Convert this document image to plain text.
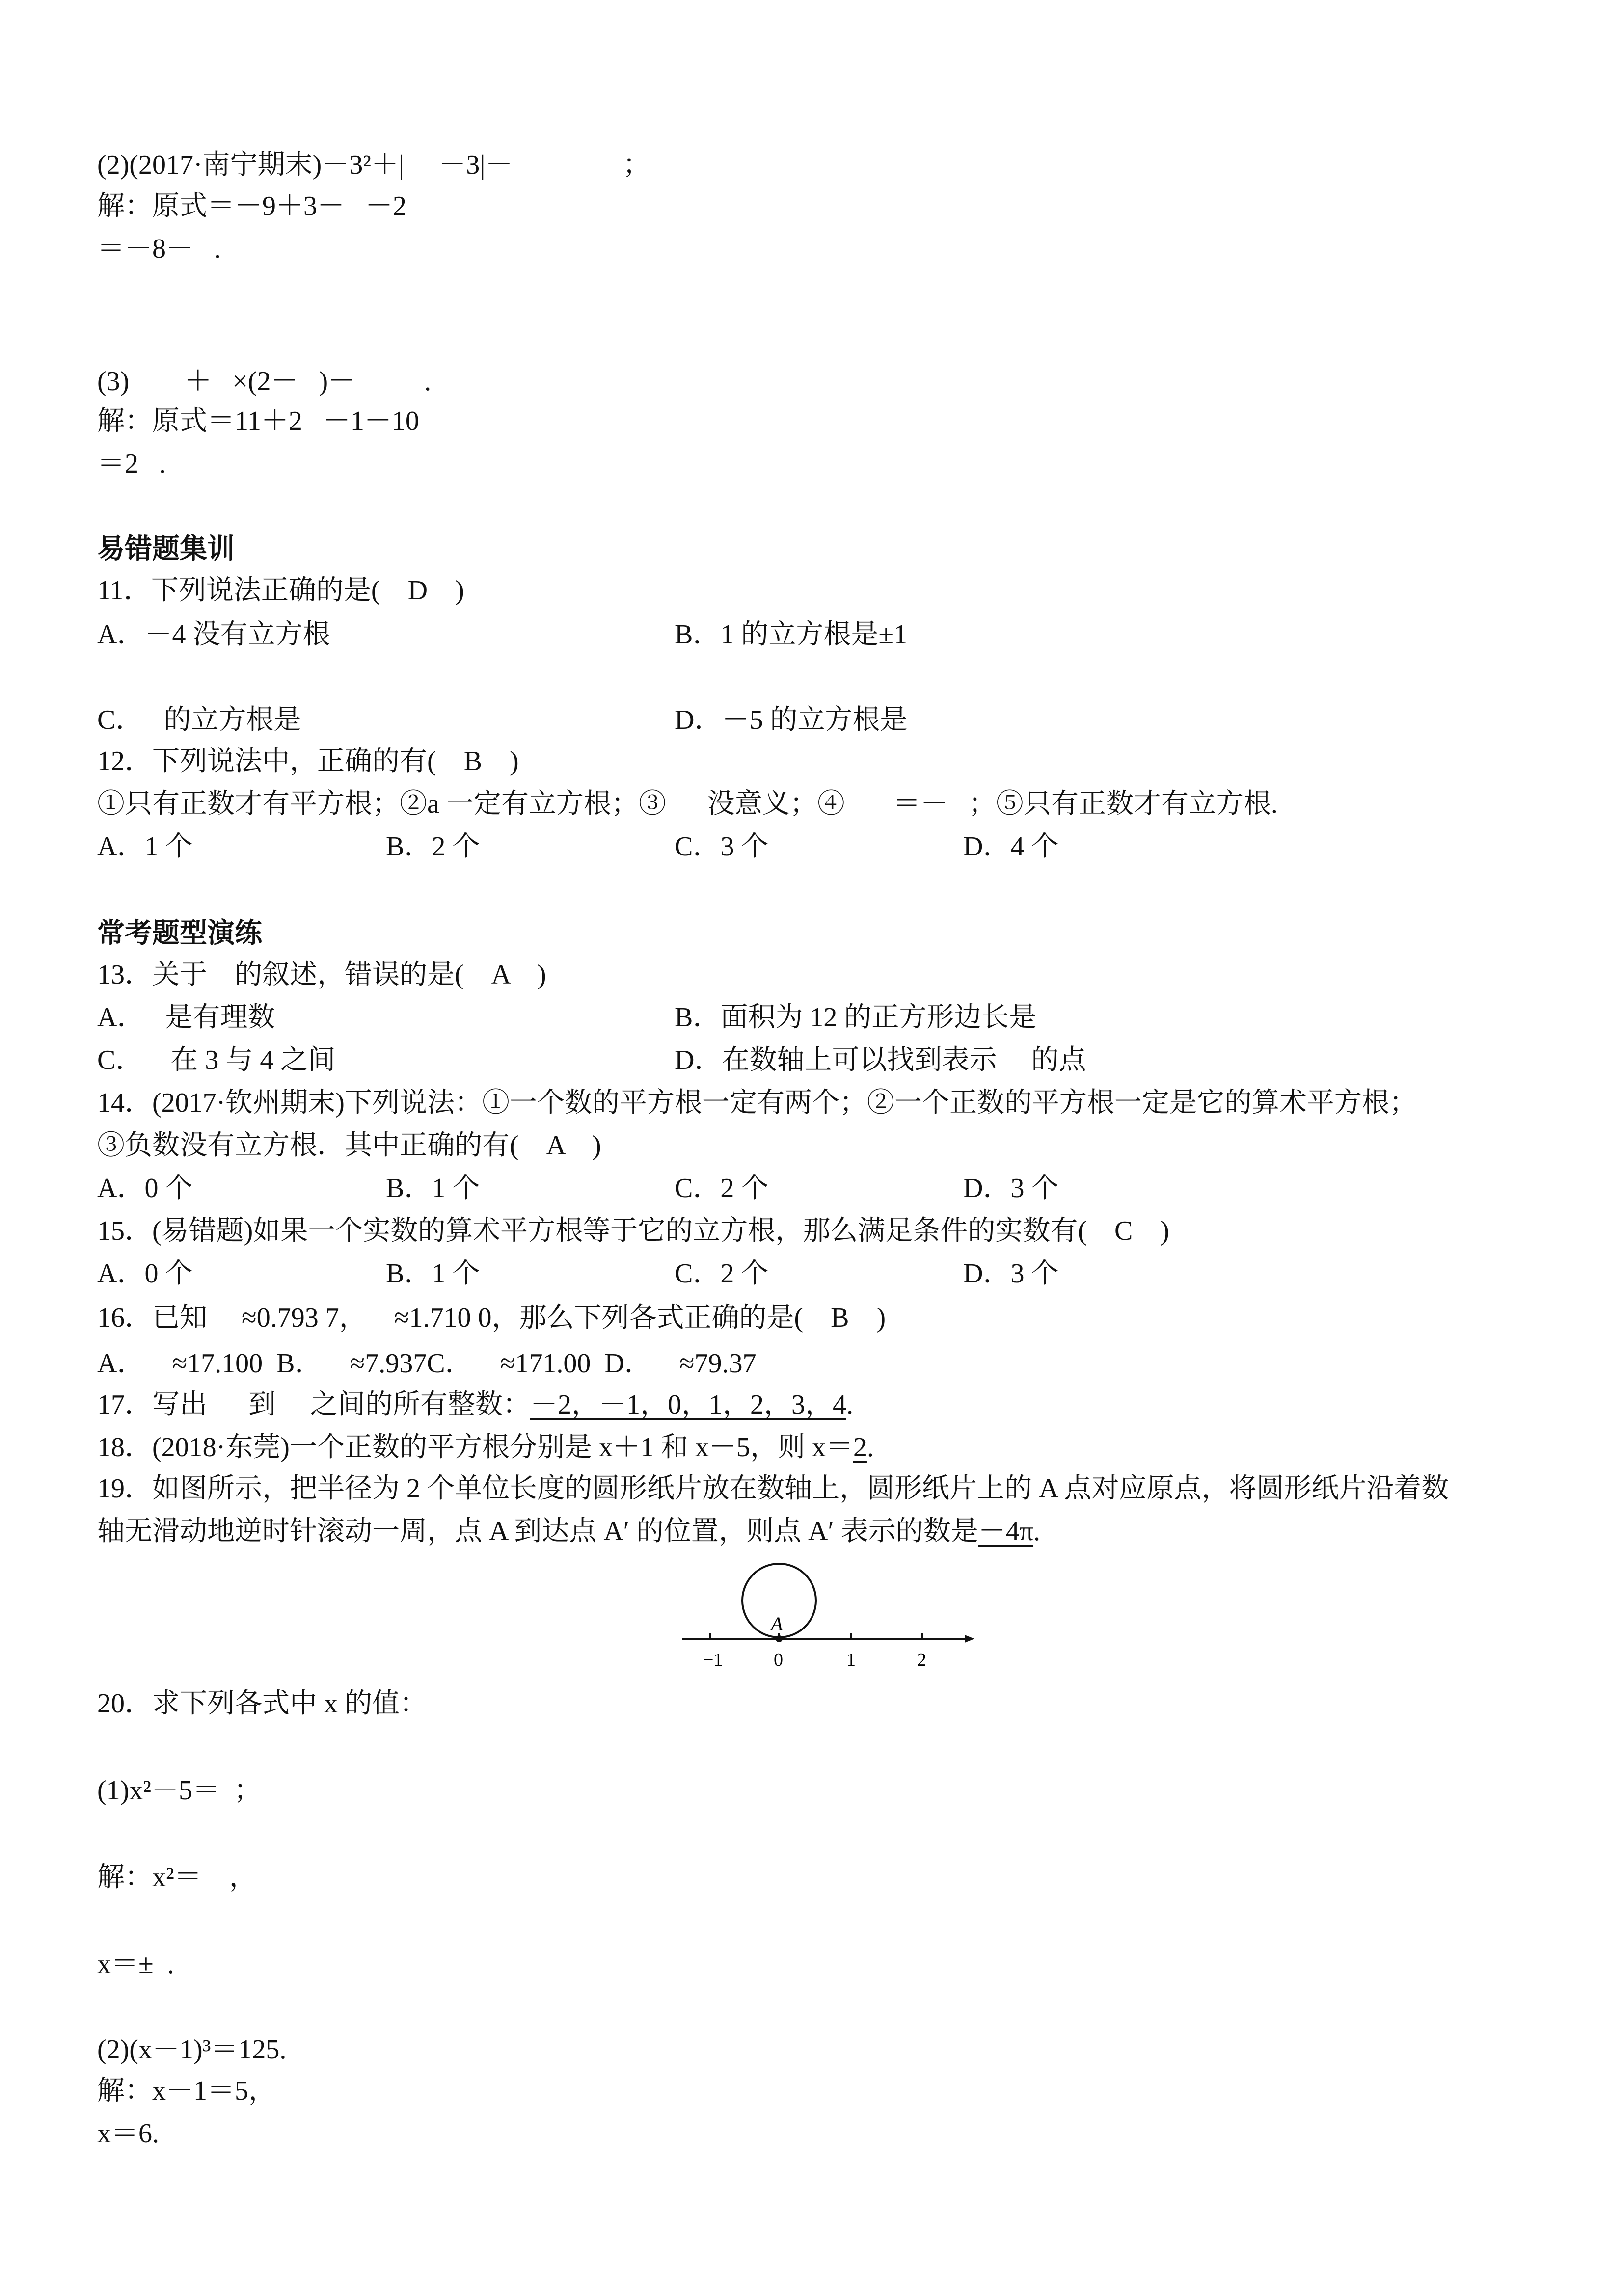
(2)(2017·南宁期末)－3²＋|     －3|－                ；
解：原式＝－9＋3－   －2
＝－8－   .
(3)        ＋   ×(2－   )－          .
解：原式＝11＋2   －1－10
＝2   .
易错题集训
11．下列说法正确的是(　D　)
A．－4 没有立方根	B．1 的立方根是±1
C．   的立方根是	D．－5 的立方根是
12．下列说法中，正确的有(　B　)
①只有正数才有平方根；②a 一定有立方根；③      没意义；④       ＝－   ；⑤只有正数才有立方根.
A．1 个	B．2 个	C．3 个	D．4 个
常考题型演练
13．关于    的叙述，错误的是(　A　)
A．   是有理数	B．面积为 12 的正方形边长是
C．    在 3 与 4 之间	D．在数轴上可以找到表示     的点
14．(2017·钦州期末)下列说法：①一个数的平方根一定有两个；②一个正数的平方根一定是它的算术平方根；
③负数没有立方根．其中正确的有(　A　)
A．0 个	B．1 个	C．2 个	D．3 个
15．(易错题)如果一个实数的算术平方根等于它的立方根，那么满足条件的实数有(　C　)
A．0 个	B．1 个	C．2 个	D．3 个
16．已知     ≈0.793 7，    ≈1.710 0，那么下列各式正确的是(　B　)
A．    ≈17.100  B．    ≈7.937C．    ≈171.00  D．    ≈79.37
17．写出      到     之间的所有整数：－2，－1，0，1，2，3，4.
18．(2018·东莞)一个正数的平方根分别是 x＋1 和 x－5，则 x＝2.
19．如图所示，把半径为 2 个单位长度的圆形纸片放在数轴上，圆形纸片上的 A 点对应原点，将圆形纸片沿着数
轴无滑动地逆时针滚动一周，点 A 到达点 A′ 的位置，则点 A′ 表示的数是－4π.
A
−1	0	1	2
20．求下列各式中 x 的值：
(1)x²－5＝  ；
解：x²＝    ，
x＝±  .
(2)(x－1)³＝125.
解：x－1＝5，
x＝6.
